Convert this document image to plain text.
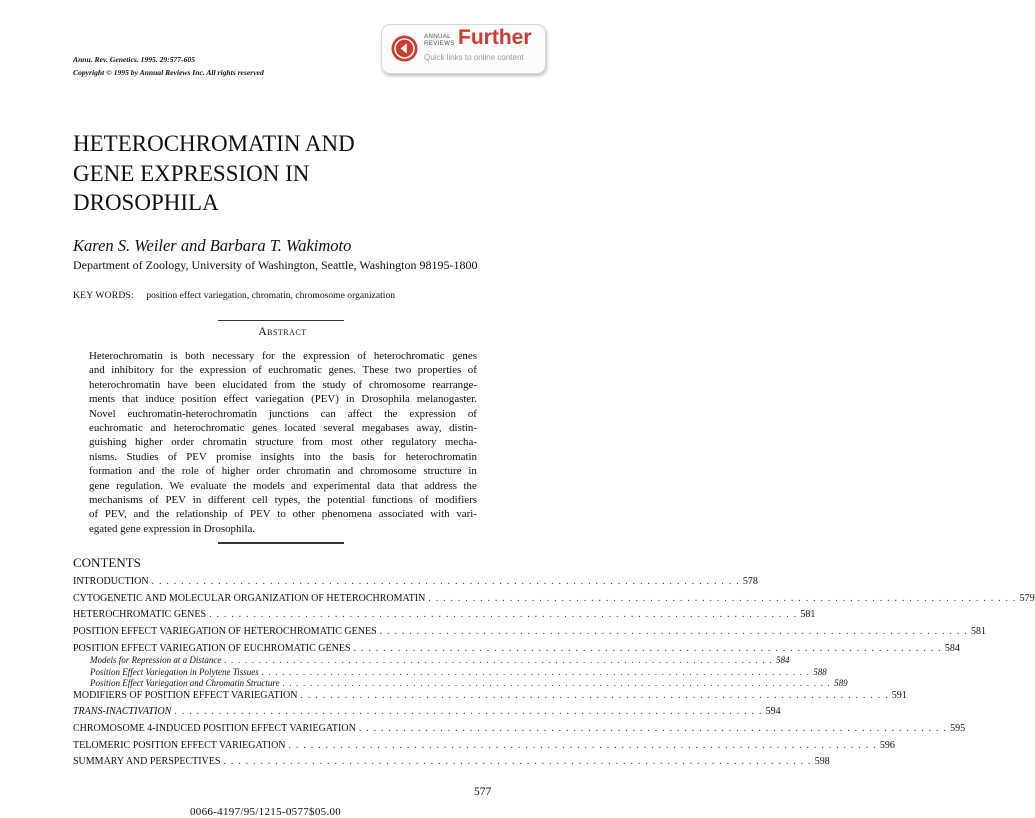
Annu. Rev. Genetics. 1995. 29:577-605
Copyright © 1995 by Annual Reviews Inc. All rights reserved
ANNUAL
REVIEWS Further
Quick links to online content
HETEROCHROMATIN AND
GENE EXPRESSION IN
DROSOPHILA
Karen S. Weiler and Barbara T. Wakimoto
Department of Zoology, University of Washington, Seattle, Washington 98195-1800
KEY WORDS: position effect variegation, chromatin, chromosome organization
Abstract
Heterochromatin is both necessary for the expression of heterochromatic genes
and inhibitory for the expression of euchromatic genes. These two properties of
heterochromatin have been elucidated from the study of chromosome rearrange-
ments that induce position effect variegation (PEV) in Drosophila melanogaster.
Novel euchromatin-heterochromatin junctions can affect the expression of
euchromatic and heterochromatic genes located several megabases away, distin-
guishing higher order chromatin structure from most other regulatory mecha-
nisms. Studies of PEV promise insights into the basis for heterochromatin
formation and the role of higher order chromatin and chromosome structure in
gene regulation. We evaluate the models and experimental data that address the
mechanisms of PEV in different cell types, the potential functions of modifiers
of PEV, and the relationship of PEV to other phenomena associated with vari-
egated gene expression in Drosophila.
CONTENTS
INTRODUCTION . . . . . . . . . . . . . . . . . . . . . . . . . . . . . . . . . . . . . . . . . . . . . . . . . . . . . . . . . . . . . . . . . . . . . . . . . . . . . . . . 578
CYTOGENETIC AND MOLECULAR ORGANIZATION OF HETEROCHROMATIN . . . . . . . . . . . . . . . . . . . . . . . . . . . . . . . . . . . . . . . . . . . . . . . . . . . . . . . . . . . . . . . . . . . . . . . . . . . . . . . . 579
HETEROCHROMATIC GENES . . . . . . . . . . . . . . . . . . . . . . . . . . . . . . . . . . . . . . . . . . . . . . . . . . . . . . . . . . . . . . . . . . . . . . . . . . . . . . . . 581
POSITION EFFECT VARIEGATION OF HETEROCHROMATIC GENES . . . . . . . . . . . . . . . . . . . . . . . . . . . . . . . . . . . . . . . . . . . . . . . . . . . . . . . . . . . . . . . . . . . . . . . . . . . . . . . . 581
POSITION EFFECT VARIEGATION OF EUCHROMATIC GENES . . . . . . . . . . . . . . . . . . . . . . . . . . . . . . . . . . . . . . . . . . . . . . . . . . . . . . . . . . . . . . . . . . . . . . . . . . . . . . . . 584
Models for Repression at a Distance . . . . . . . . . . . . . . . . . . . . . . . . . . . . . . . . . . . . . . . . . . . . . . . . . . . . . . . . . . . . . . . . . . . . . . . . . . . . . . . . 584
Position Effect Variegation in Polytene Tissues . . . . . . . . . . . . . . . . . . . . . . . . . . . . . . . . . . . . . . . . . . . . . . . . . . . . . . . . . . . . . . . . . . . . . . . . . . . . . . . . 588
Position Effect Variegation and Chromatin Structure . . . . . . . . . . . . . . . . . . . . . . . . . . . . . . . . . . . . . . . . . . . . . . . . . . . . . . . . . . . . . . . . . . . . . . . . . . . . . . . . 589
MODIFIERS OF POSITION EFFECT VARIEGATION . . . . . . . . . . . . . . . . . . . . . . . . . . . . . . . . . . . . . . . . . . . . . . . . . . . . . . . . . . . . . . . . . . . . . . . . . . . . . . . . 591
TRANS-INACTIVATION . . . . . . . . . . . . . . . . . . . . . . . . . . . . . . . . . . . . . . . . . . . . . . . . . . . . . . . . . . . . . . . . . . . . . . . . . . . . . . . . 594
CHROMOSOME 4-INDUCED POSITION EFFECT VARIEGATION . . . . . . . . . . . . . . . . . . . . . . . . . . . . . . . . . . . . . . . . . . . . . . . . . . . . . . . . . . . . . . . . . . . . . . . . . . . . . . . . 595
TELOMERIC POSITION EFFECT VARIEGATION . . . . . . . . . . . . . . . . . . . . . . . . . . . . . . . . . . . . . . . . . . . . . . . . . . . . . . . . . . . . . . . . . . . . . . . . . . . . . . . . 596
SUMMARY AND PERSPECTIVES . . . . . . . . . . . . . . . . . . . . . . . . . . . . . . . . . . . . . . . . . . . . . . . . . . . . . . . . . . . . . . . . . . . . . . . . . . . . . . . . 598
577
0066-4197/95/1215-0577$05.00
